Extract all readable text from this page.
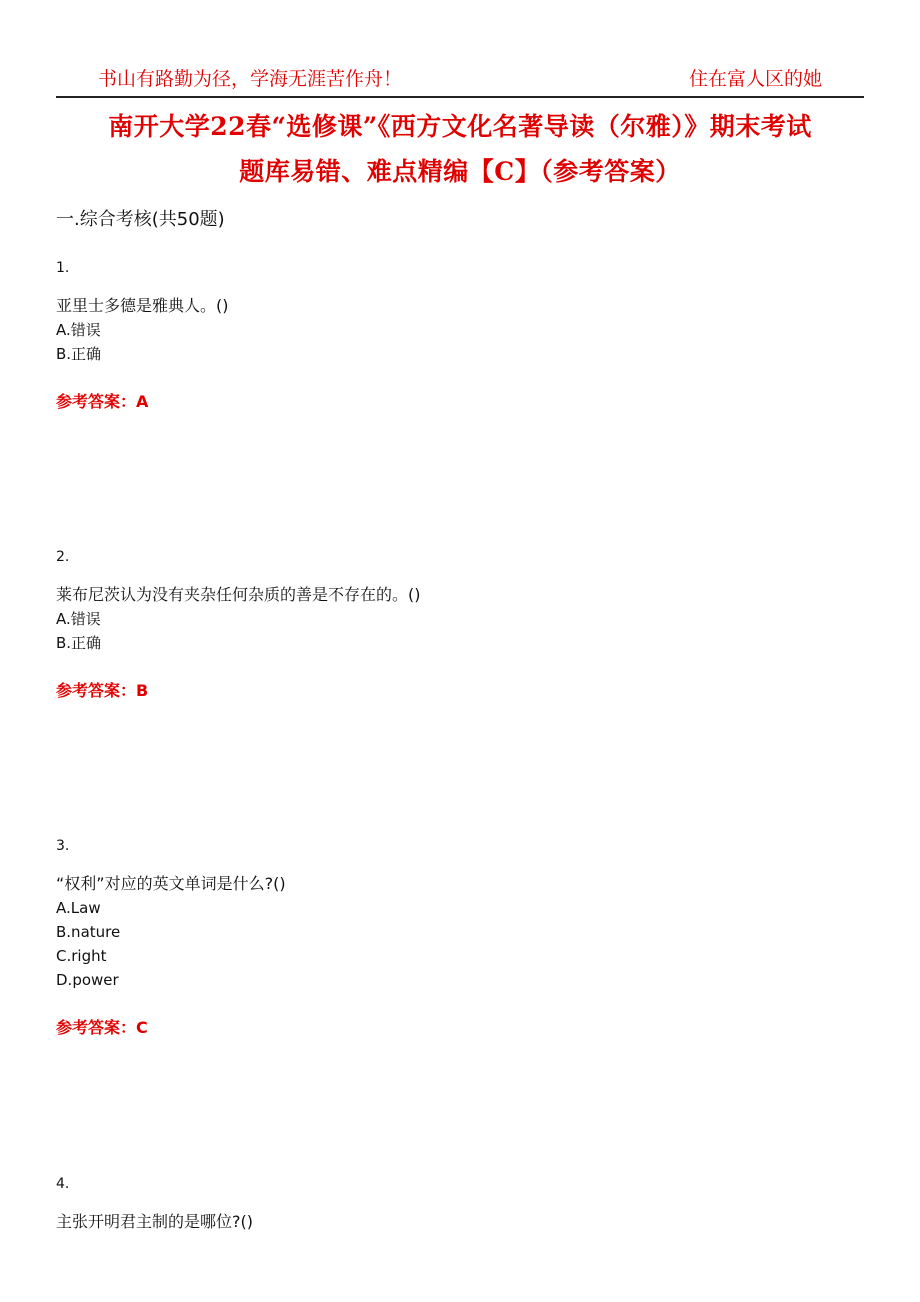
书山有路勤为径，学海无涯苦作舟！	住在富人区的她
南开大学22春“选修课”《西方文化名著导读（尔雅）》期末考试
题库易错、难点精编【C】（参考答案）
一.综合考核(共50题)
1.
亚里士多德是雅典人。()
A.错误
B.正确
参考答案：A
2.
莱布尼茨认为没有夹杂任何杂质的善是不存在的。()
A.错误
B.正确
参考答案：B
3.
“权利”对应的英文单词是什么?()
A.Law
B.nature
C.right
D.power
参考答案：C
4.
主张开明君主制的是哪位?()
